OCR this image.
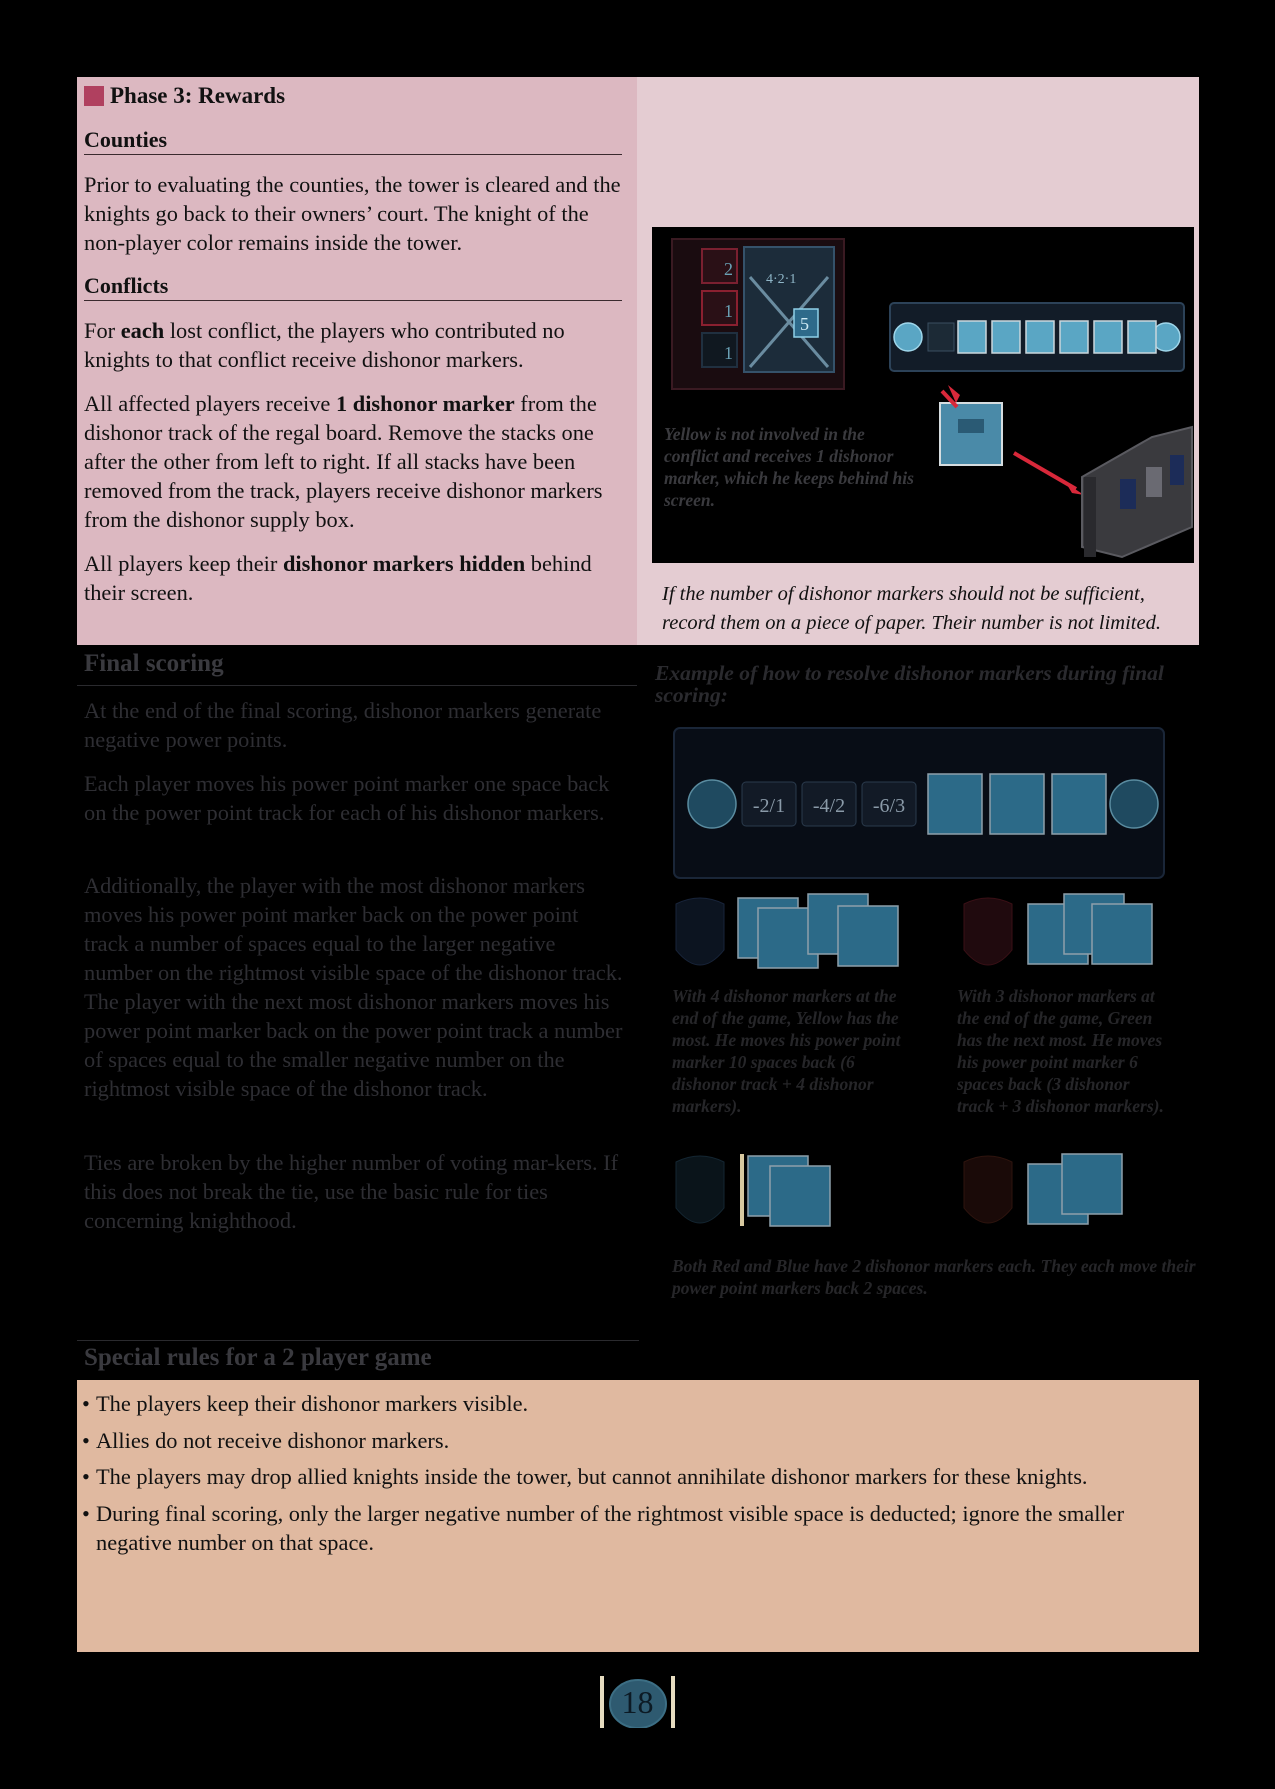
Phase 3: Rewards
Counties

Prior to evaluating the counties, the tower is cleared and the knights go back to their owners’ court. The knight of the non-player color remains inside the tower.

Conflicts

For each lost conflict, the players who contributed no knights to that conflict receive dishonor markers.

All affected players receive 1 dishonor marker from the dishonor track of the regal board. Remove the stacks one after the other from left to right. If all stacks have been removed from the track, players receive dishonor markers from the dishonor supply box.

All players keep their dishonor markers hidden behind their screen.

2
1
1
4·2·1
5
Yellow is not involved in the conflict and receives 1 dishonor marker, which he keeps behind his screen.

If the number of dishonor markers should not be sufficient, record them on a piece of paper. Their number is not limited.

Final scoring

At the end of the final scoring, dishonor markers generate negative power points.

Each player moves his power point marker one space back on the power point track for each of his dishonor markers.

Additionally, the player with the most dishonor markers moves his power point marker back on the power point track a number of spaces equal to the larger negative number on the rightmost visible space of the dishonor track. The player with the next most dishonor markers moves his power point marker back on the power point track a number of spaces equal to the smaller negative number on the rightmost visible space of the dishonor track.

Ties are broken by the higher number of voting mar-kers. If this does not break the tie, use the basic rule for ties concerning knighthood.

Example of how to resolve dishonor markers during final scoring:
-2/1 -4/2 -6/3
With 4 dishonor markers at the end of the game, Yellow has the most. He moves his power point marker 10 spaces back (6 dishonor track + 4 dishonor markers).
With 3 dishonor markers at the end of the game, Green has the next most. He moves his power point marker 6 spaces back (3 dishonor track + 3 dishonor markers).
Both Red and Blue have 2 dishonor markers each. They each move their power point markers back 2 spaces.
Special rules for a 2 player game
• The players keep their dishonor markers visible.
• Allies do not receive dishonor markers.
• The players may drop allied knights inside the tower, but cannot annihilate dishonor markers for these knights.
• During final scoring, only the larger negative number of the rightmost visible space is deducted; ignore the smaller negative number on that space.
18
